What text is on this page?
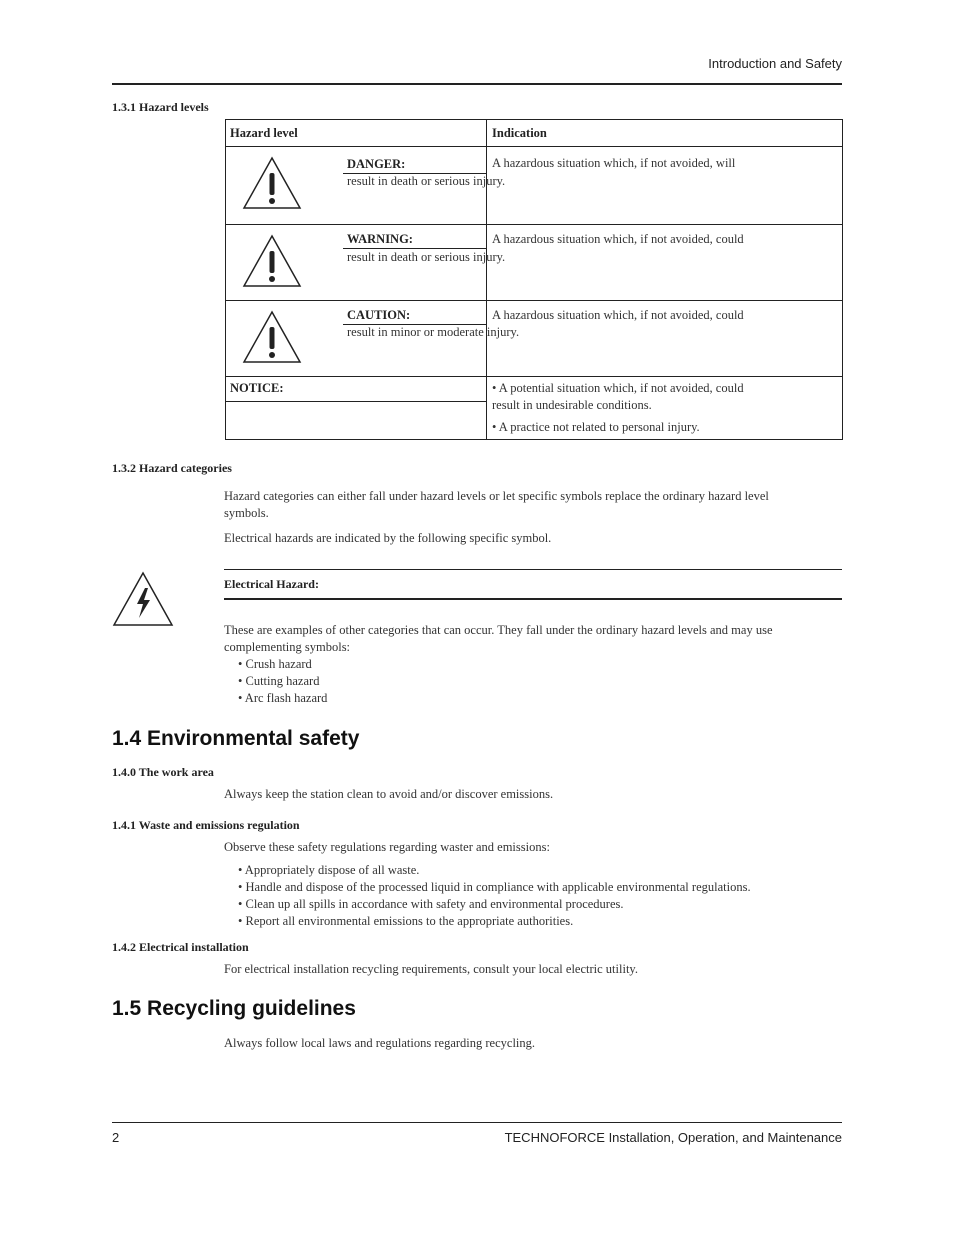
Introduction and Safety
1.3.1 Hazard levels
Hazard level	Indication

DANGER:
result in death or serious injury.	A hazardous situation which, if not avoided, will

WARNING:
result in death or serious injury.	A hazardous situation which, if not avoided, could

CAUTION:
result in minor or moderate injury.	A hazardous situation which, if not avoided, could

NOTICE:	• A potential situation which, if not avoided, could
result in undesirable conditions.
• A practice not related to personal injury.
1.3.2 Hazard categories
Hazard categories can either fall under hazard levels or let specific symbols replace the ordinary hazard level
symbols.
Electrical hazards are indicated by the following specific symbol.
Electrical Hazard:
These are examples of other categories that can occur. They fall under the ordinary hazard levels and may use
complementing symbols:
• Crush hazard
• Cutting hazard
• Arc flash hazard
1.4 Environmental safety
1.4.0 The work area
Always keep the station clean to avoid and/or discover emissions.
1.4.1 Waste and emissions regulation
Observe these safety regulations regarding waster and emissions:
• Appropriately dispose of all waste.
• Handle and dispose of the processed liquid in compliance with applicable environmental regulations.
• Clean up all spills in accordance with safety and environmental procedures.
• Report all environmental emissions to the appropriate authorities.
1.4.2 Electrical installation
For electrical installation recycling requirements, consult your local electric utility.
1.5 Recycling guidelines
Always follow local laws and regulations regarding recycling.
2	TECHNOFORCE Installation, Operation, and Maintenance
